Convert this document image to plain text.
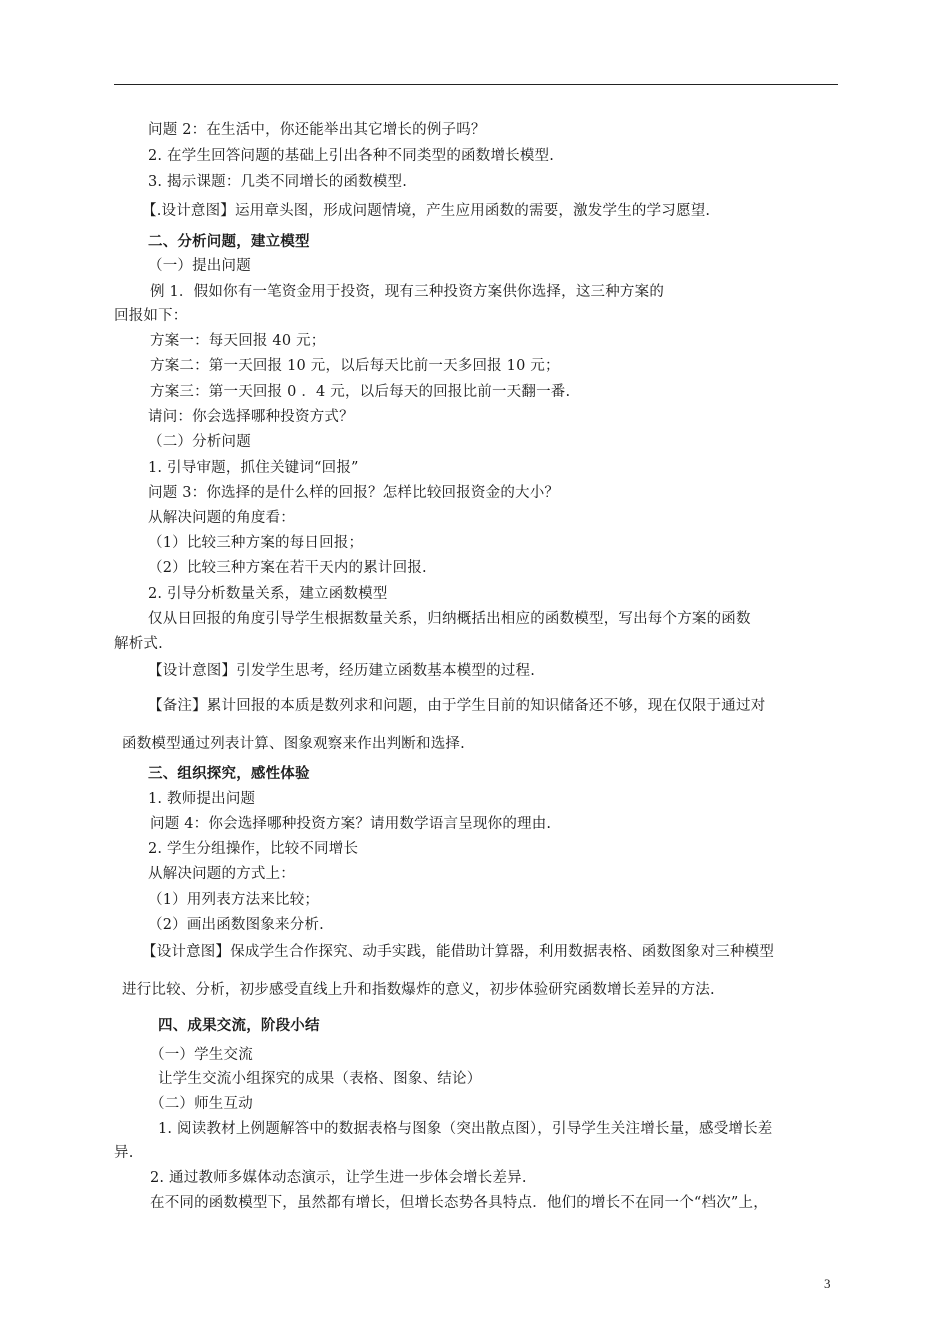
问题 2：在生活中，你还能举出其它增长的例子吗？
2. 在学生回答问题的基础上引出各种不同类型的函数增长模型.
3. 揭示课题：几类不同增长的函数模型.
【.设计意图】运用章头图，形成问题情境，产生应用函数的需要，激发学生的学习愿望.
二、分析问题，建立模型
（一）提出问题
例 1．假如你有一笔资金用于投资，现有三种投资方案供你选择，这三种方案的
回报如下：
方案一：每天回报 40 元；
方案二：第一天回报 10 元，以后每天比前一天多回报 10 元；
方案三：第一天回报 0 ．4 元，以后每天的回报比前一天翻一番.
请问：你会选择哪种投资方式？
（二）分析问题
1. 引导审题，抓住关键词“回报”
问题 3：你选择的是什么样的回报？怎样比较回报资金的大小？
从解决问题的角度看：
（1）比较三种方案的每日回报；
（2）比较三种方案在若干天内的累计回报.
2. 引导分析数量关系，建立函数模型
仅从日回报的角度引导学生根据数量关系，归纳概括出相应的函数模型，写出每个方案的函数
解析式.
【设计意图】引发学生思考，经历建立函数基本模型的过程.
【备注】累计回报的本质是数列求和问题，由于学生目前的知识储备还不够，现在仅限于通过对
函数模型通过列表计算、图象观察来作出判断和选择.
三、组织探究，感性体验
1. 教师提出问题
问题 4：你会选择哪种投资方案？请用数学语言呈现你的理由.
2. 学生分组操作，比较不同增长
从解决问题的方式上：
（1）用列表方法来比较；
（2）画出函数图象来分析.
【设计意图】保成学生合作探究、动手实践，能借助计算器，利用数据表格、函数图象对三种模型
进行比较、分析，初步感受直线上升和指数爆炸的意义，初步体验研究函数增长差异的方法.
四、成果交流，阶段小结
（一）学生交流
让学生交流小组探究的成果（表格、图象、结论）
（二）师生互动
1. 阅读教材上例题解答中的数据表格与图象（突出散点图），引导学生关注增长量，感受增长差
异.
2. 通过教师多媒体动态演示，让学生进一步体会增长差异.
在不同的函数模型下，虽然都有增长，但增长态势各具特点．他们的增长不在同一个“档次”上，
3
